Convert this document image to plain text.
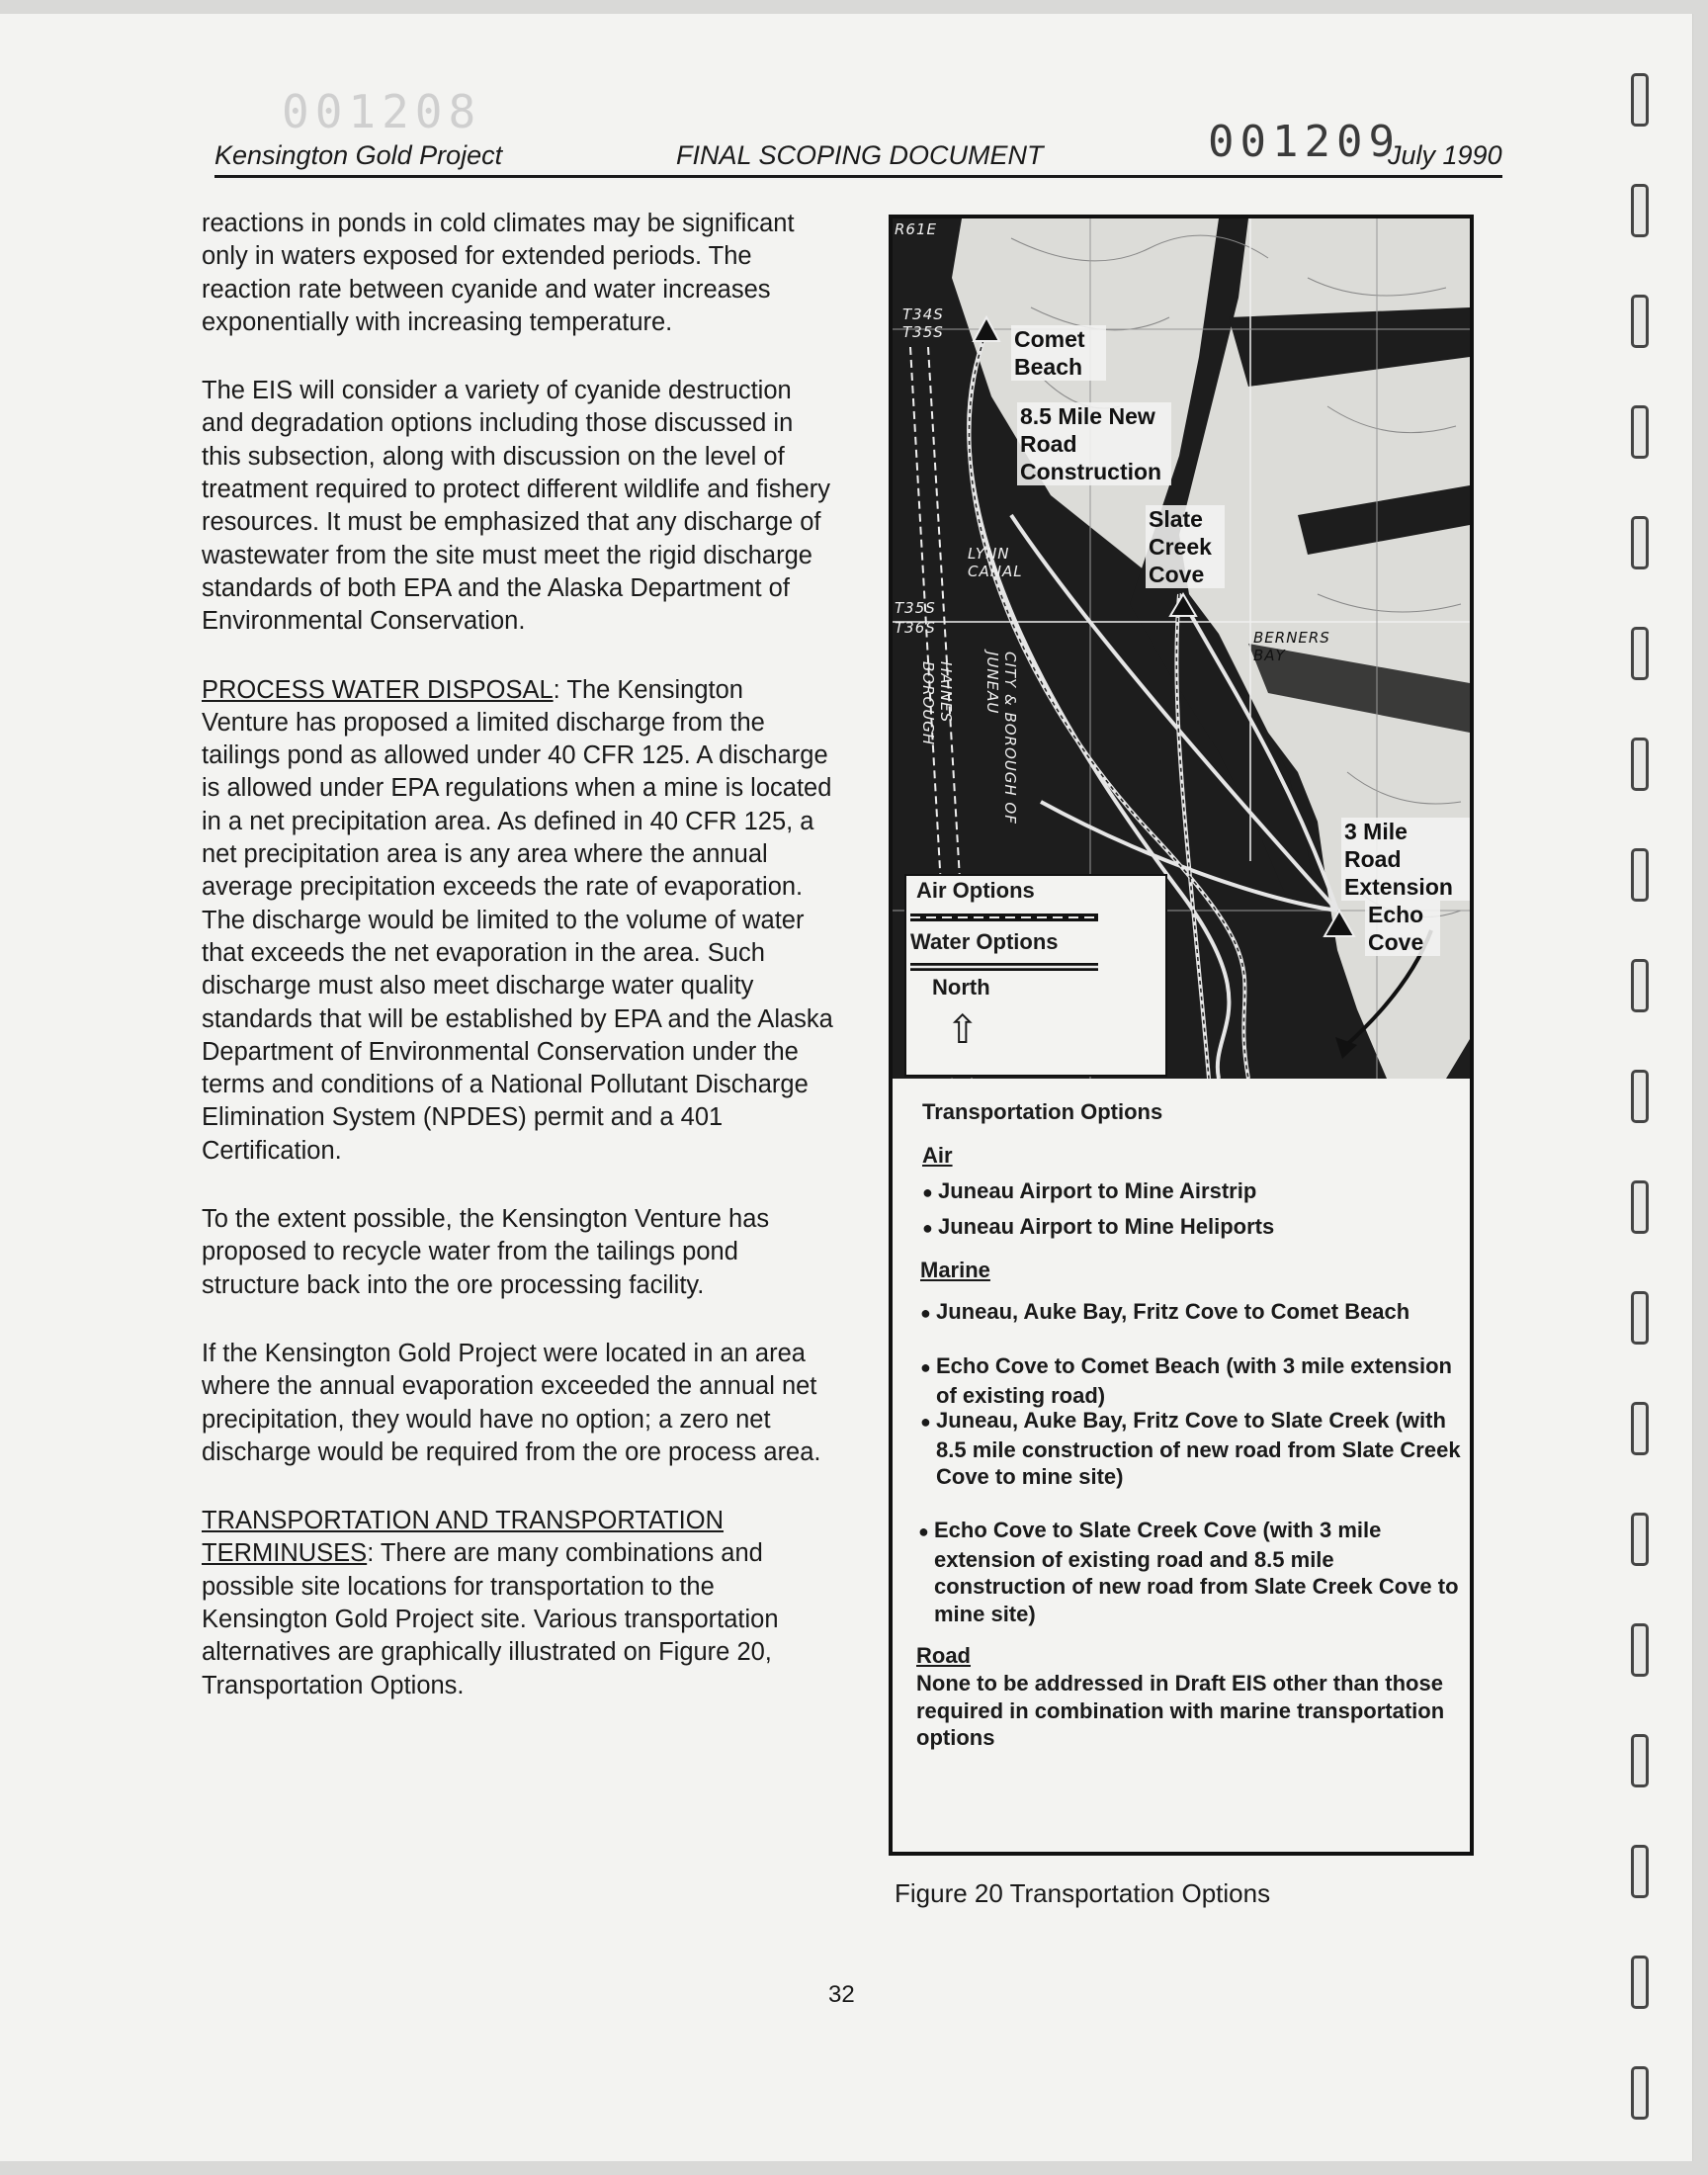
001208
001209
Kensington Gold Project	FINAL SCOPING DOCUMENT	July 1990

reactions in ponds in cold climates may be significant only in waters exposed for extended periods. The reaction rate between cyanide and water increases exponentially with increasing temperature.

The EIS will consider a variety of cyanide destruction and degradation options including those discussed in this subsection, along with discussion on the level of treatment required to protect different wildlife and fishery resources. It must be emphasized that any discharge of wastewater from the site must meet the rigid discharge standards of both EPA and the Alaska Department of Environmental Conservation.

PROCESS WATER DISPOSAL: The Kensington Venture has proposed a limited discharge from the tailings pond as allowed under 40 CFR 125. A discharge is allowed under EPA regulations when a mine is located in a net precipitation area. As defined in 40 CFR 125, a net precipitation area is any area where the annual average precipitation exceeds the rate of evaporation. The discharge would be limited to the volume of water that exceeds the net evaporation in the area. Such discharge must also meet discharge water quality standards that will be established by EPA and the Alaska Department of Environmental Conservation under the terms and conditions of a National Pollutant Discharge Elimination System (NPDES) permit and a 401 Certification.

To the extent possible, the Kensington Venture has proposed to recycle water from the tailings pond structure back into the ore processing facility.

If the Kensington Gold Project were located in an area where the annual evaporation exceeded the annual net precipitation, they would have no option; a zero net discharge would be required from the ore process area.

TRANSPORTATION AND TRANSPORTATION TERMINUSES: There are many combinations and possible site locations for transportation to the Kensington Gold Project site. Various transportation alternatives are graphically illustrated on Figure 20, Transportation Options.

R61E
T34S
T35S
T35S
T36S
LYNN CANAL
BERNERS BAY
HAINES BOROUGH	CITY & BOROUGH OF JUNEAU
Comet Beach
8.5 Mile New Road Construction
Slate Creek Cove
3 Mile Road Extension
Echo Cove
Air Options
Water Options
North
⇧
Transportation Options
Air
● Juneau Airport to Mine Airstrip
● Juneau Airport to Mine Heliports
Marine
● Juneau, Auke Bay, Fritz Cove to Comet Beach
● Echo Cove to Comet Beach (with 3 mile extension of existing road)
● Juneau, Auke Bay, Fritz Cove to Slate Creek (with 8.5 mile construction of new road from Slate Creek Cove to mine site)
● Echo Cove to Slate Creek Cove (with 3 mile extension of existing road and 8.5 mile construction of new road from Slate Creek Cove to mine site)
Road
None to be addressed in Draft EIS other than those required in combination with marine transportation options
Figure 20 Transportation Options
32
